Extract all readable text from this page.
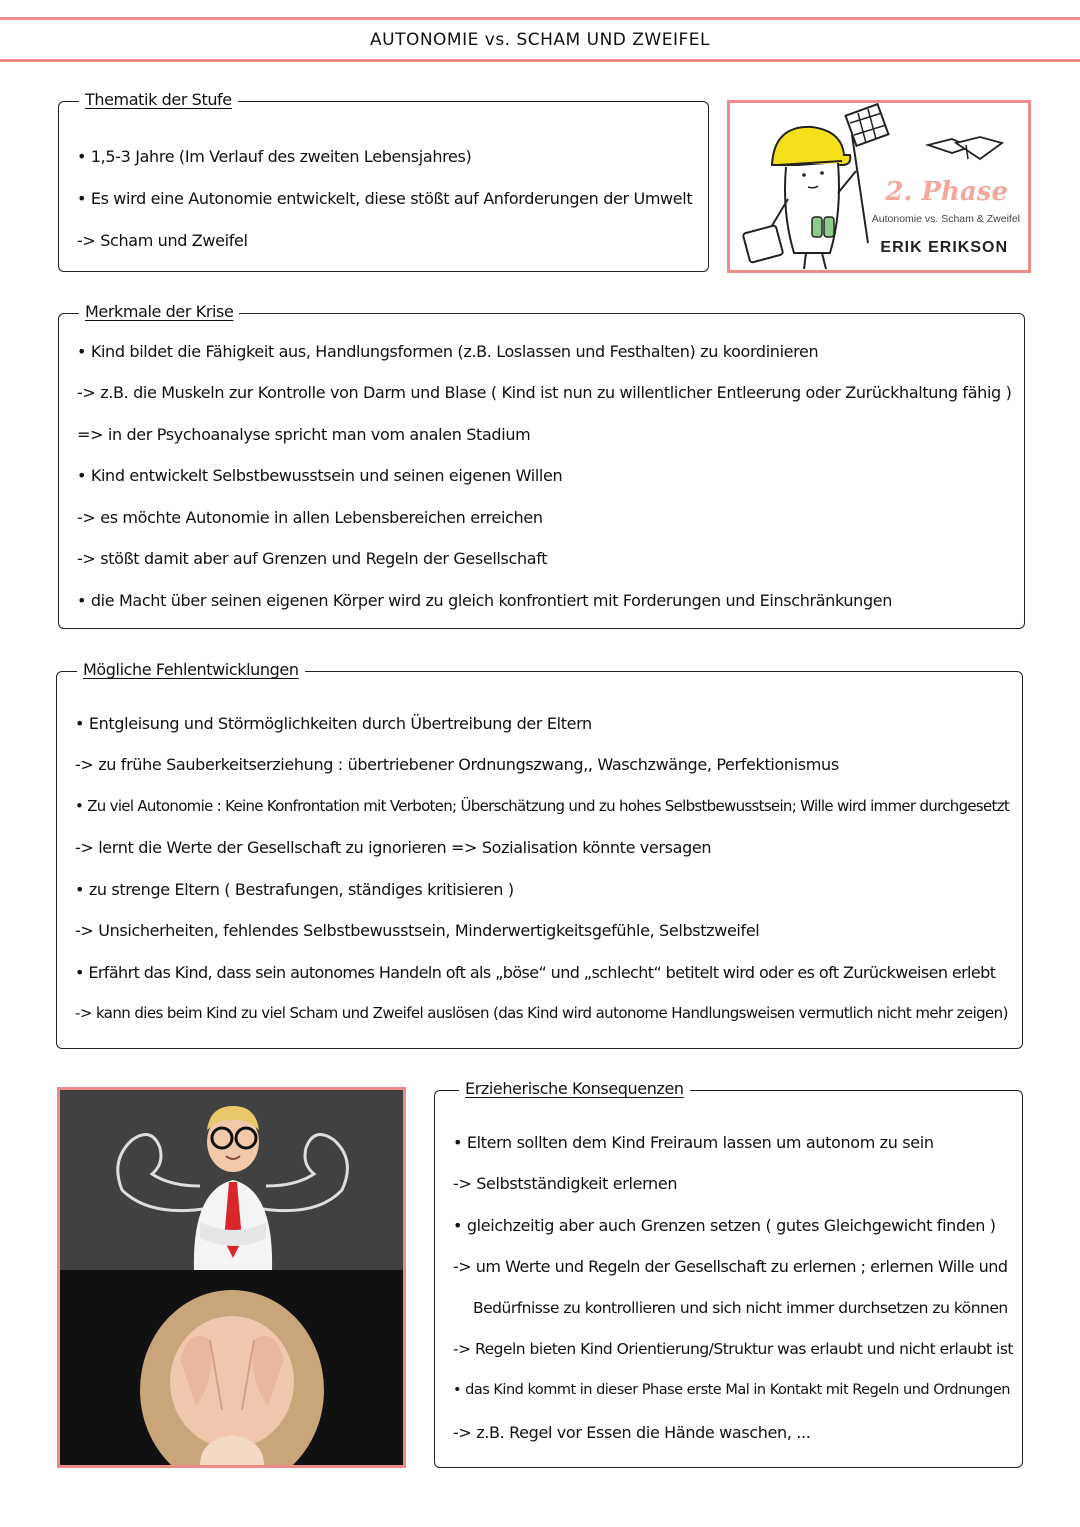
AUTONOMIE vs. SCHAM UND ZWEIFEL
Thematik der Stufe
• 1,5-3 Jahre (Im Verlauf des zweiten Lebensjahres)
• Es wird eine Autonomie entwickelt, diese stößt auf Anforderungen der Umwelt
-> Scham und Zweifel
2. Phase
Autonomie vs. Scham & Zweifel
ERIK ERIKSON
Merkmale der Krise
• Kind bildet die Fähigkeit aus, Handlungsformen (z.B. Loslassen und Festhalten) zu koordinieren
-> z.B. die Muskeln zur Kontrolle von Darm und Blase ( Kind ist nun zu willentlicher Entleerung oder Zurückhaltung fähig )
=> in der Psychoanalyse spricht man vom analen Stadium
• Kind entwickelt Selbstbewusstsein und seinen eigenen Willen
-> es möchte Autonomie in allen Lebensbereichen erreichen
-> stößt damit aber auf Grenzen und Regeln der Gesellschaft
• die Macht über seinen eigenen Körper wird zu gleich konfrontiert mit Forderungen und Einschränkungen
Mögliche Fehlentwicklungen
• Entgleisung und Störmöglichkeiten durch Übertreibung der Eltern
-> zu frühe Sauberkeitserziehung : übertriebener Ordnungszwang,, Waschzwänge, Perfektionismus
• Zu viel Autonomie : Keine Konfrontation mit Verboten; Überschätzung und zu hohes Selbstbewusstsein; Wille wird immer durchgesetzt
-> lernt die Werte der Gesellschaft zu ignorieren => Sozialisation könnte versagen
• zu strenge Eltern ( Bestrafungen, ständiges kritisieren )
-> Unsicherheiten, fehlendes Selbstbewusstsein, Minderwertigkeitsgefühle, Selbstzweifel
• Erfährt das Kind, dass sein autonomes Handeln oft als „böse“ und „schlecht“ betitelt wird oder es oft Zurückweisen erlebt
-> kann dies beim Kind zu viel Scham und Zweifel auslösen (das Kind wird autonome Handlungsweisen vermutlich nicht mehr zeigen)
Erzieherische Konsequenzen
• Eltern sollten dem Kind Freiraum lassen um autonom zu sein
-> Selbstständigkeit erlernen
• gleichzeitig aber auch Grenzen setzen ( gutes Gleichgewicht finden )
-> um Werte und Regeln der Gesellschaft zu erlernen ; erlernen Wille und
Bedürfnisse zu kontrollieren und sich nicht immer durchsetzen zu können
-> Regeln bieten Kind Orientierung/Struktur was erlaubt und nicht erlaubt ist
• das Kind kommt in dieser Phase erste Mal in Kontakt mit Regeln und Ordnungen
-> z.B. Regel vor Essen die Hände waschen, ...
